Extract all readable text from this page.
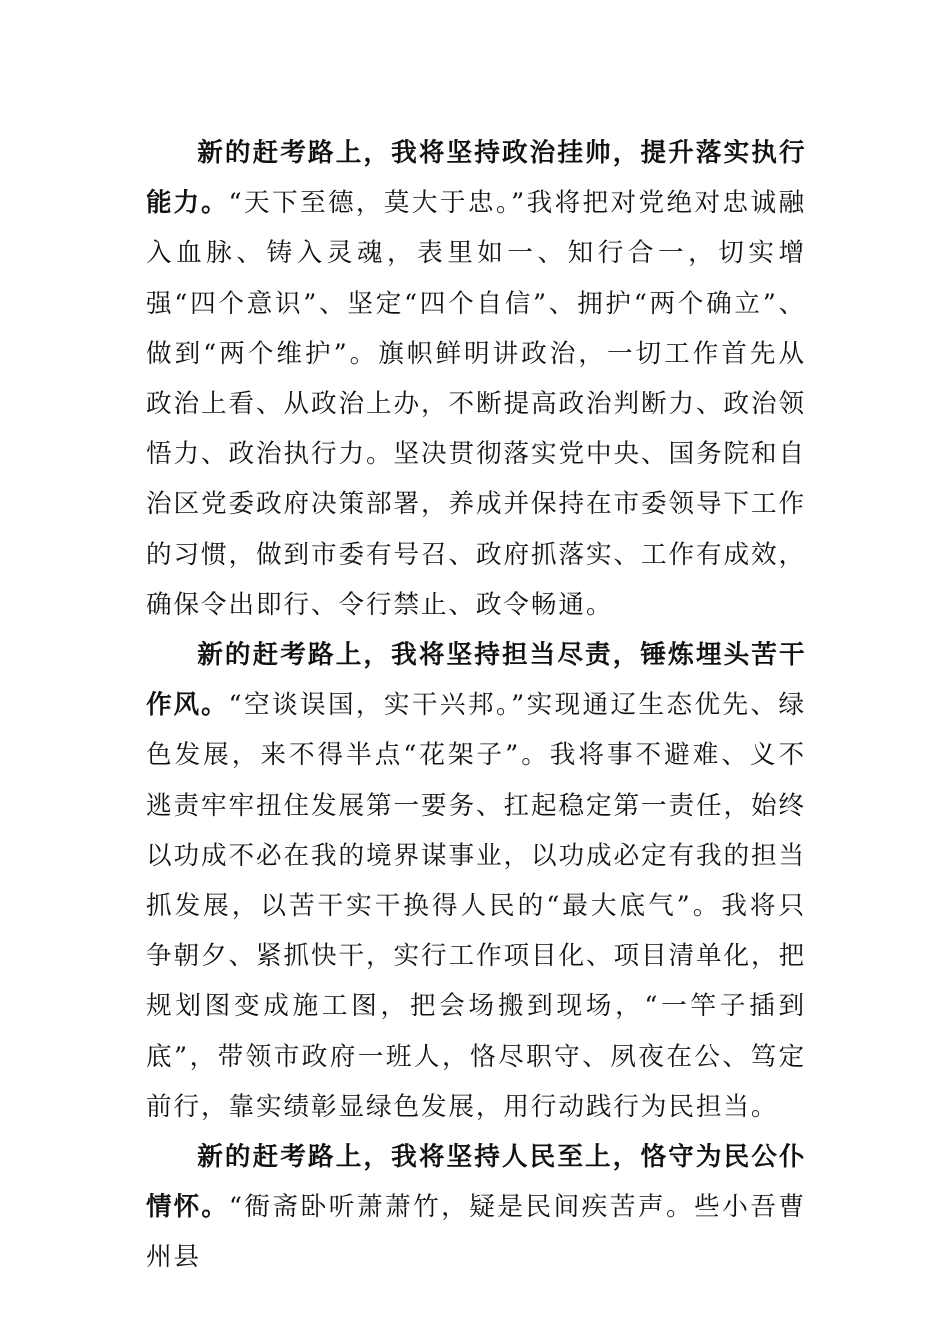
新的赶考路上，我将坚持政治挂帅，提升落实执行能力。“天下至德，莫大于忠。”我将把对党绝对忠诚融入血脉、铸入灵魂，表里如一、知行合一，切实增强“四个意识”、坚定“四个自信”、拥护“两个确立”、做到“两个维护”。旗帜鲜明讲政治，一切工作首先从政治上看、从政治上办，不断提高政治判断力、政治领悟力、政治执行力。坚决贯彻落实党中央、国务院和自治区党委政府决策部署，养成并保持在市委领导下工作的习惯，做到市委有号召、政府抓落实、工作有成效，确保令出即行、令行禁止、政令畅通。

新的赶考路上，我将坚持担当尽责，锤炼埋头苦干作风。“空谈误国，实干兴邦。”实现通辽生态优先、绿色发展，来不得半点“花架子”。我将事不避难、义不逃责牢牢扭住发展第一要务、扛起稳定第一责任，始终以功成不必在我的境界谋事业，以功成必定有我的担当抓发展，以苦干实干换得人民的“最大底气”。我将只争朝夕、紧抓快干，实行工作项目化、项目清单化，把规划图变成施工图，把会场搬到现场，“一竿子插到底”，带领市政府一班人，恪尽职守、夙夜在公、笃定前行，靠实绩彰显绿色发展，用行动践行为民担当。

新的赶考路上，我将坚持人民至上，恪守为民公仆情怀。“衙斋卧听萧萧竹，疑是民间疾苦声。些小吾曹州县
